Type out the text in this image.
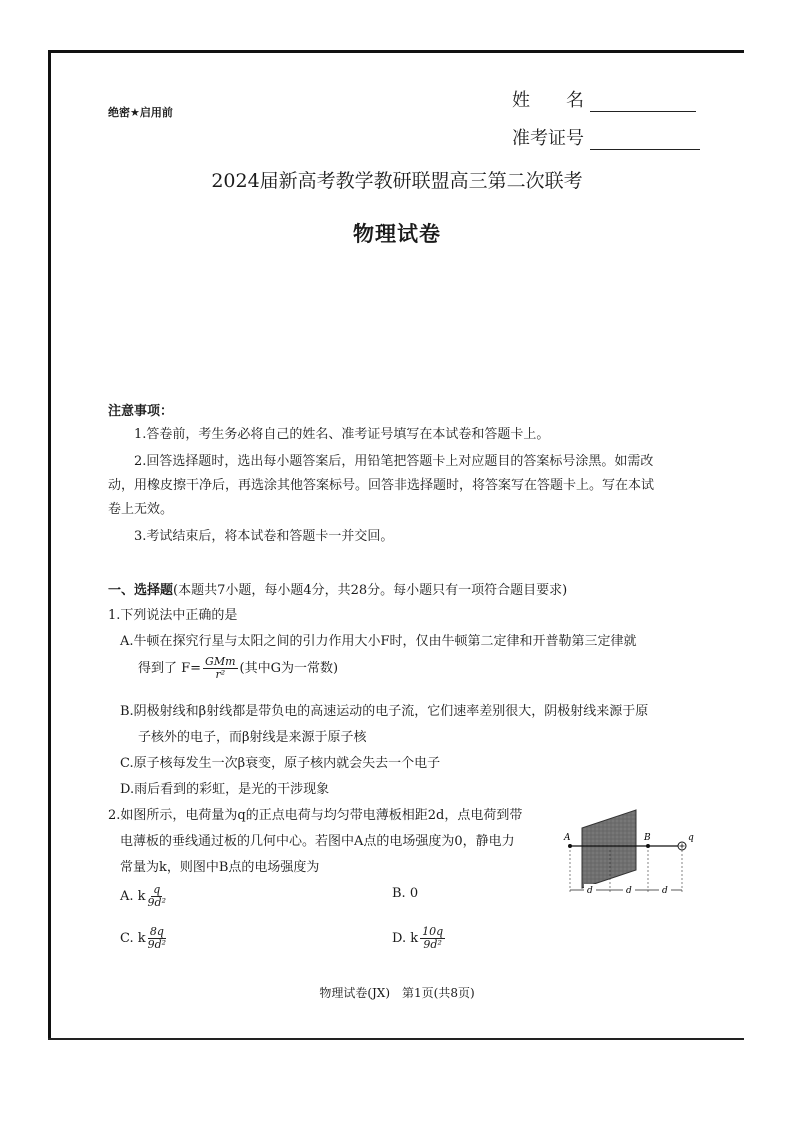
绝密★启用前
姓　　名
准考证号
2024届新高考教学教研联盟高三第二次联考
物理试卷
注意事项：
1.答卷前，考生务必将自己的姓名、准考证号填写在本试卷和答题卡上。
2.回答选择题时，选出每小题答案后，用铅笔把答题卡上对应题目的答案标号涂黑。如需改
动，用橡皮擦干净后，再选涂其他答案标号。回答非选择题时，将答案写在答题卡上。写在本试
卷上无效。
3.考试结束后，将本试卷和答题卡一并交回。
一、选择题(本题共7小题，每小题4分，共28分。每小题只有一项符合题目要求)
1.下列说法中正确的是
A.牛顿在探究行星与太阳之间的引力作用大小F时，仅由牛顿第二定律和开普勒第三定律就
得到了 $F= \frac{\text{GMm}}{\text{r²}}$ (其中G为一常数)
B.阴极射线和β射线都是带负电的高速运动的电子流，它们速率差别很大，阴极射线来源于原
子核外的电子，而β射线是来源于原子核
C.原子核每发生一次β衰变，原子核内就会失去一个电子
D.雨后看到的彩虹，是光的干涉现象
2.如图所示，电荷量为q的正点电荷与均匀带电薄板相距2d，点电荷到带
电薄板的垂线通过板的几何中心。若图中A点的电场强度为0，静电力
常量为k，则图中B点的电场强度为
A. k $\frac{q}{\text{9d²}}$	B. 0
C. k $\frac{8q}{\text{9d²}}$	D. k $\frac{10q}{\text{9d²}}$
A	B	q
d	d	d
物理试卷(JX)　第1页(共8页)
